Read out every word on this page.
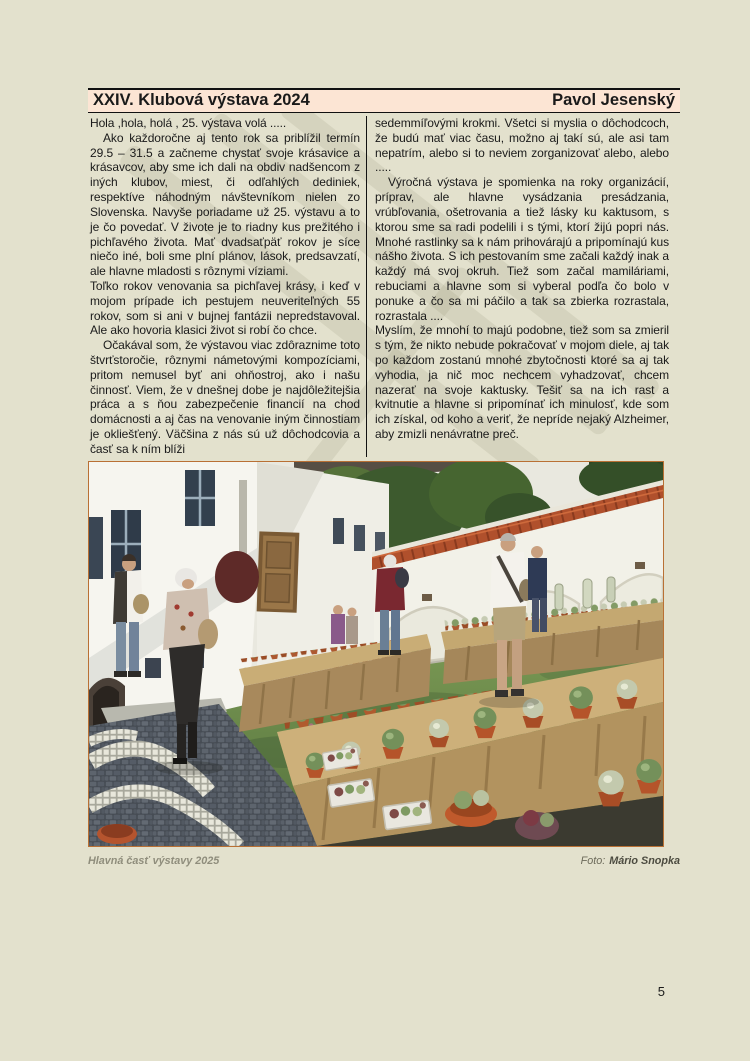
XXIV. Klubová výstava 2024	Pavol Jesenský

Hola ,hola, holá , 25. výstava volá .....

Ako každoročne aj tento rok sa priblížil termín 29.5 – 31.5 a začneme chystať svoje krásavice a krásavcov, aby sme ich dali na obdiv nadšencom z iných klubov, miest, či odľahlých dediniek, respektíve náhodným návštevníkom nielen zo Slovenska. Navyše poriadame už 25. výstavu a to je čo povedať. V živote je to riadny kus prežitého i pichľavého života. Mať dvadsaťpäť rokov je síce niečo iné, boli sme plní plánov, lások, predsavzatí, ale hlavne mladosti s rôznymi víziami.

Toľko rokov venovania sa pichľavej krásy, i keď v mojom prípade ich pestujem neuveriteľných 55 rokov, som si ani v bujnej fantázii nepredstavoval. Ale ako hovoria klasici život si robí čo chce.

Očakával som, že výstavou viac zdôraznime toto štvrťstoročie, rôznymi námetovými kompozíciami, pritom nemusel byť ani ohňostroj, ako i našu činnosť. Viem, že v dnešnej dobe je najdôležitejšia práca a s ňou zabezpečenie financií na chod domácnosti a aj čas na venovanie iným činnostiam je okliešťený. Väčšina z nás sú už dôchodcovia a časť sa k ním blíži

sedemmíľovými krokmi. Všetci si myslia o dôchodcoch, že budú mať viac času, možno aj takí sú, ale asi tam nepatrím, alebo si to neviem zorganizovať alebo, alebo .....

Výročná výstava je spomienka na roky organizácií, príprav, ale hlavne vysádzania presádzania, vrúbľovania, ošetrovania a tiež lásky ku kaktusom, s ktorou sme sa radi podelili i s tými, ktorí žijú popri nás. Mnohé rastlinky sa k nám prihovárajú a pripomínajú kus nášho života. S ich pestovaním sme začali každý inak a každý má svoj okruh. Tiež som začal mamiláriami, rebuciami a hlavne som si vyberal podľa čo bolo v ponuke a čo sa mi páčilo a tak sa zbierka rozrastala, rozrastala ....

Myslím, že mnohí to majú podobne, tiež som sa zmieril s tým, že nikto nebude pokračovať v mojom diele, aj tak po každom zostanú mnohé zbytočnosti ktoré sa aj tak vyhodia, ja nič moc nechcem vyhadzovať, chcem nazerať na svoje kaktusky. Tešiť sa na ich rast a kvitnutie a hlavne si pripomínať ich minulosť, kde som ich získal, od koho a veriť, že nepríde nejaký Alzheimer, aby zmizli nenávratne preč.

Hlavná časť výstavy 2025	Foto: Mário Snopka
5
